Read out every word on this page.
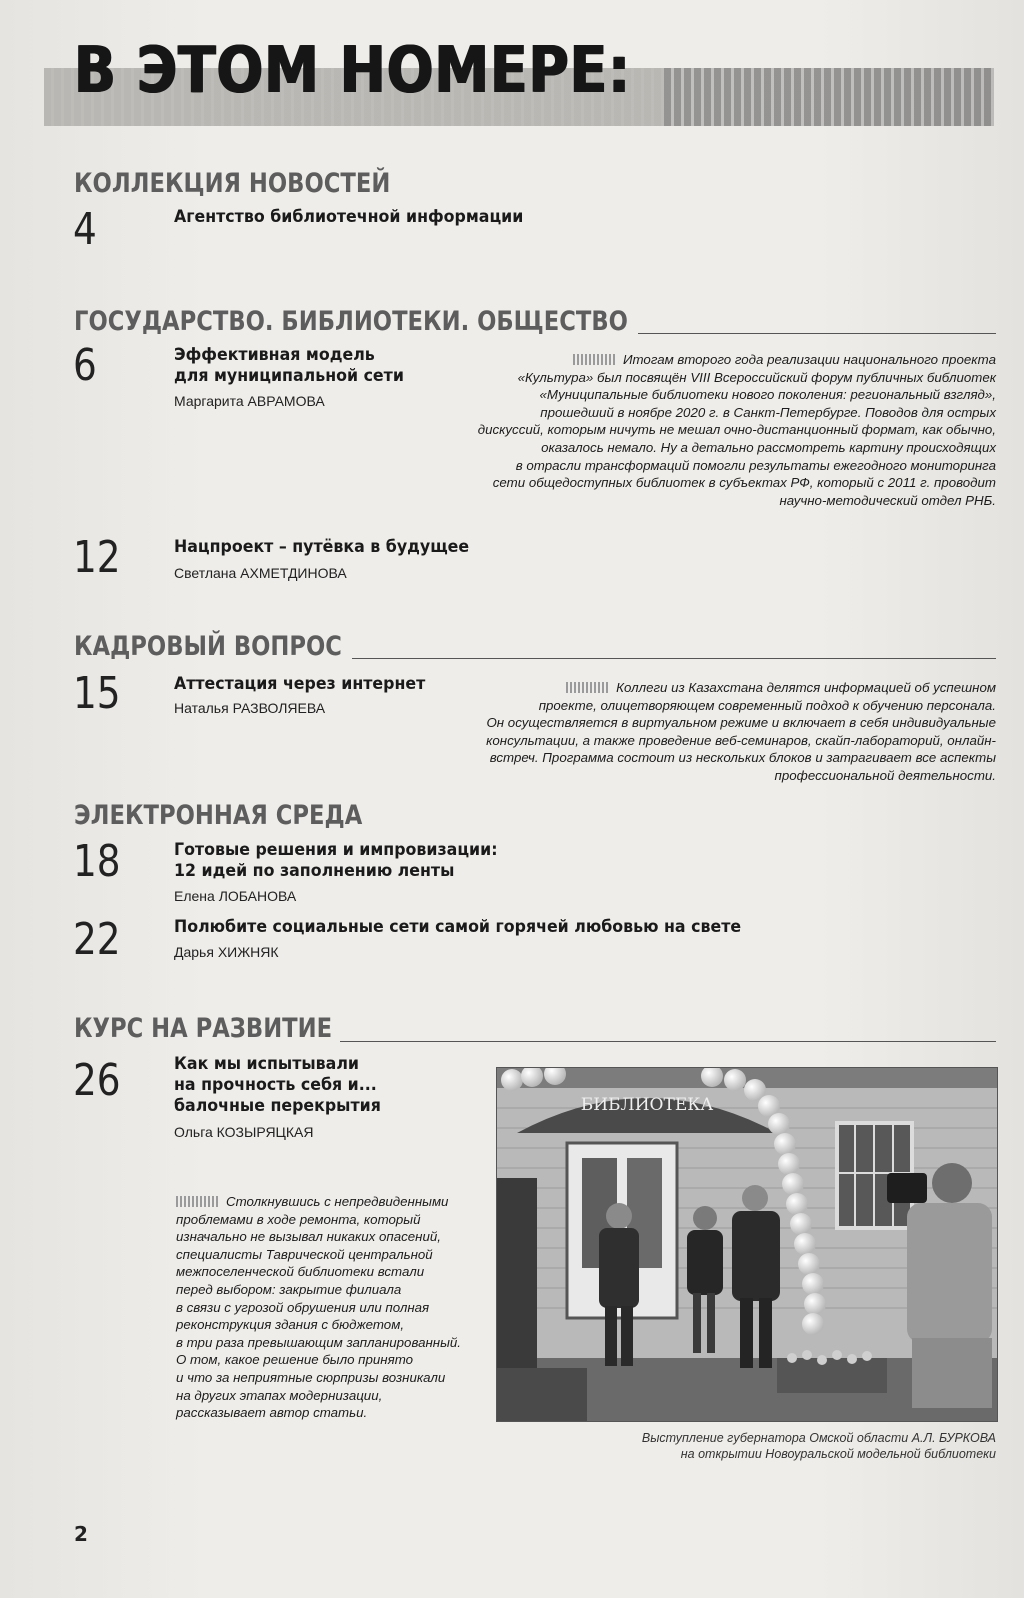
В ЭТОМ НОМЕРЕ:
КОЛЛЕКЦИЯ НОВОСТЕЙ
4	Агентство библиотечной информации
ГОСУДАРСТВО. БИБЛИОТЕКИ. ОБЩЕСТВО
6	Эффективная модель
для муниципальной сети
Маргарита АВРАМОВА

Итогам второго года реализации национального проекта

«Культура» был посвящён VIII Всероссийский форум публичных библиотек

«Муниципальные библиотеки нового поколения: региональный взгляд»,

прошедший в ноябре 2020 г. в Санкт-Петербурге. Поводов для острых

дискуссий, которым ничуть не мешал очно-дистанционный формат, как обычно,

оказалось немало. Ну а детально рассмотреть картину происходящих

в отрасли трансформаций помогли результаты ежегодного мониторинга

сети общедоступных библиотек в субъектах РФ, который с 2011 г. проводит

научно-методический отдел РНБ.

12	Нацпроект – путёвка в будущее
Светлана АХМЕТДИНОВА
КАДРОВЫЙ ВОПРОС
15	Аттестация через интернет
Наталья РАЗВОЛЯЕВА

Коллеги из Казахстана делятся информацией об успешном

проекте, олицетворяющем современный подход к обучению персонала.

Он осуществляется в виртуальном режиме и включает в себя индивидуальные

консультации, а также проведение веб-семинаров, скайп-лабораторий, онлайн-

встреч. Программа состоит из нескольких блоков и затрагивает все аспекты

профессиональной деятельности.

ЭЛЕКТРОННАЯ СРЕДА
18	Готовые решения и импровизации:
12 идей по заполнению ленты
Елена ЛОБАНОВА
22	Полюбите социальные сети самой горячей любовью на свете
Дарья ХИЖНЯК
КУРС НА РАЗВИТИЕ
26	Как мы испытывали
на прочность себя и...
балочные перекрытия
Ольга КОЗЫРЯЦКАЯ

Столкнувшись с непредвиденными

проблемами в ходе ремонта, который

изначально не вызывал никаких опасений,

специалисты Таврической центральной

межпоселенческой библиотеки встали

перед выбором: закрытие филиала

в связи с угрозой обрушения или полная

реконструкция здания с бюджетом,

в три раза превышающим запланированный.

О том, какое решение было принято

и что за неприятные сюрпризы возникали

на других этапах модернизации,

рассказывает автор статьи.

БИБЛИОТЕКА

Выступление губернатора Омской области А.Л. БУРКОВА

на открытии Новоуральской модельной библиотеки

2
